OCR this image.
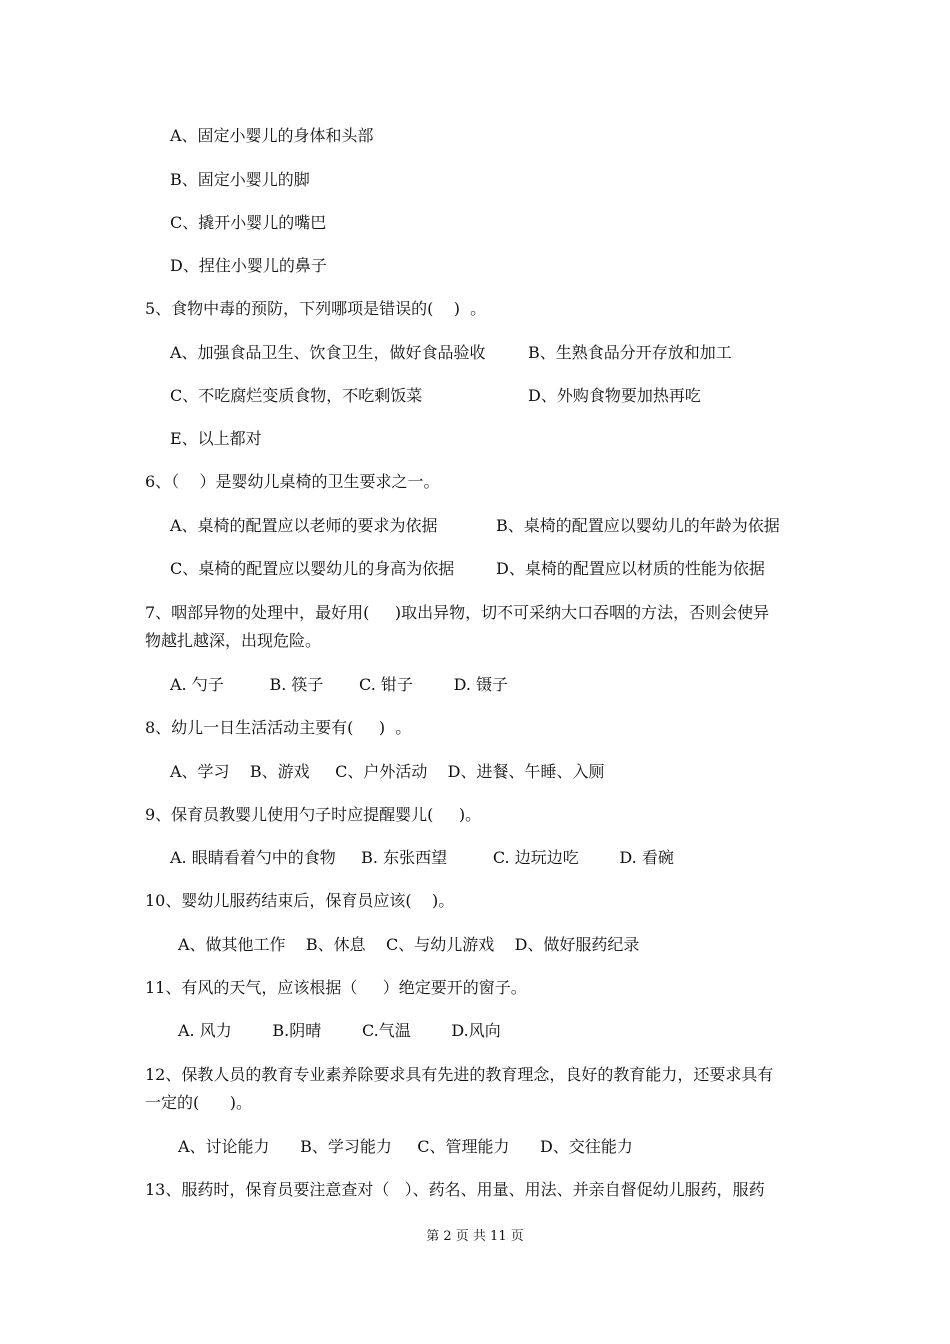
A、固定小婴儿的身体和头部
B、固定小婴儿的脚
C、撬开小婴儿的嘴巴
D、捏住小婴儿的鼻子
5、食物中毒的预防，下列哪项是错误的(    )  。
A、加强食品卫生、饮食卫生，做好食品验收	B、生熟食品分开存放和加工
C、不吃腐烂变质食物，不吃剩饭菜	D、外购食物要加热再吃
E、以上都对
6、（    ）是婴幼儿桌椅的卫生要求之一。
A、桌椅的配置应以老师的要求为依据	B、桌椅的配置应以婴幼儿的年龄为依据
C、桌椅的配置应以婴幼儿的身高为依据	D、桌椅的配置应以材质的性能为依据
7、咽部异物的处理中，最好用(     )取出异物，切不可采纳大口吞咽的方法，否则会使异
物越扎越深，出现危险。
A. 勺子         B. 筷子       C. 钳子        D. 镊子
8、幼儿一日生活活动主要有(     )  。
A、学习    B、游戏     C、户外活动    D、进餐、午睡、入厕
9、保育员教婴儿使用勺子时应提醒婴儿(     )。
A. 眼睛看着勺中的食物     B. 东张西望         C. 边玩边吃        D. 看碗
10、婴幼儿服药结束后，保育员应该(    )。
A、做其他工作    B、休息    C、与幼儿游戏    D、做好服药纪录
11、有风的天气，应该根据（     ）绝定要开的窗子。
A. 风力        B.阴晴        C.气温        D.风向
12、保教人员的教育专业素养除要求具有先进的教育理念，良好的教育能力，还要求具有
一定的(      )。
A、讨论能力      B、学习能力     C、管理能力      D、交往能力
13、服药时，保育员要注意查对（   ）、药名、用量、用法、并亲自督促幼儿服药，服药
第 2 页 共 11 页
